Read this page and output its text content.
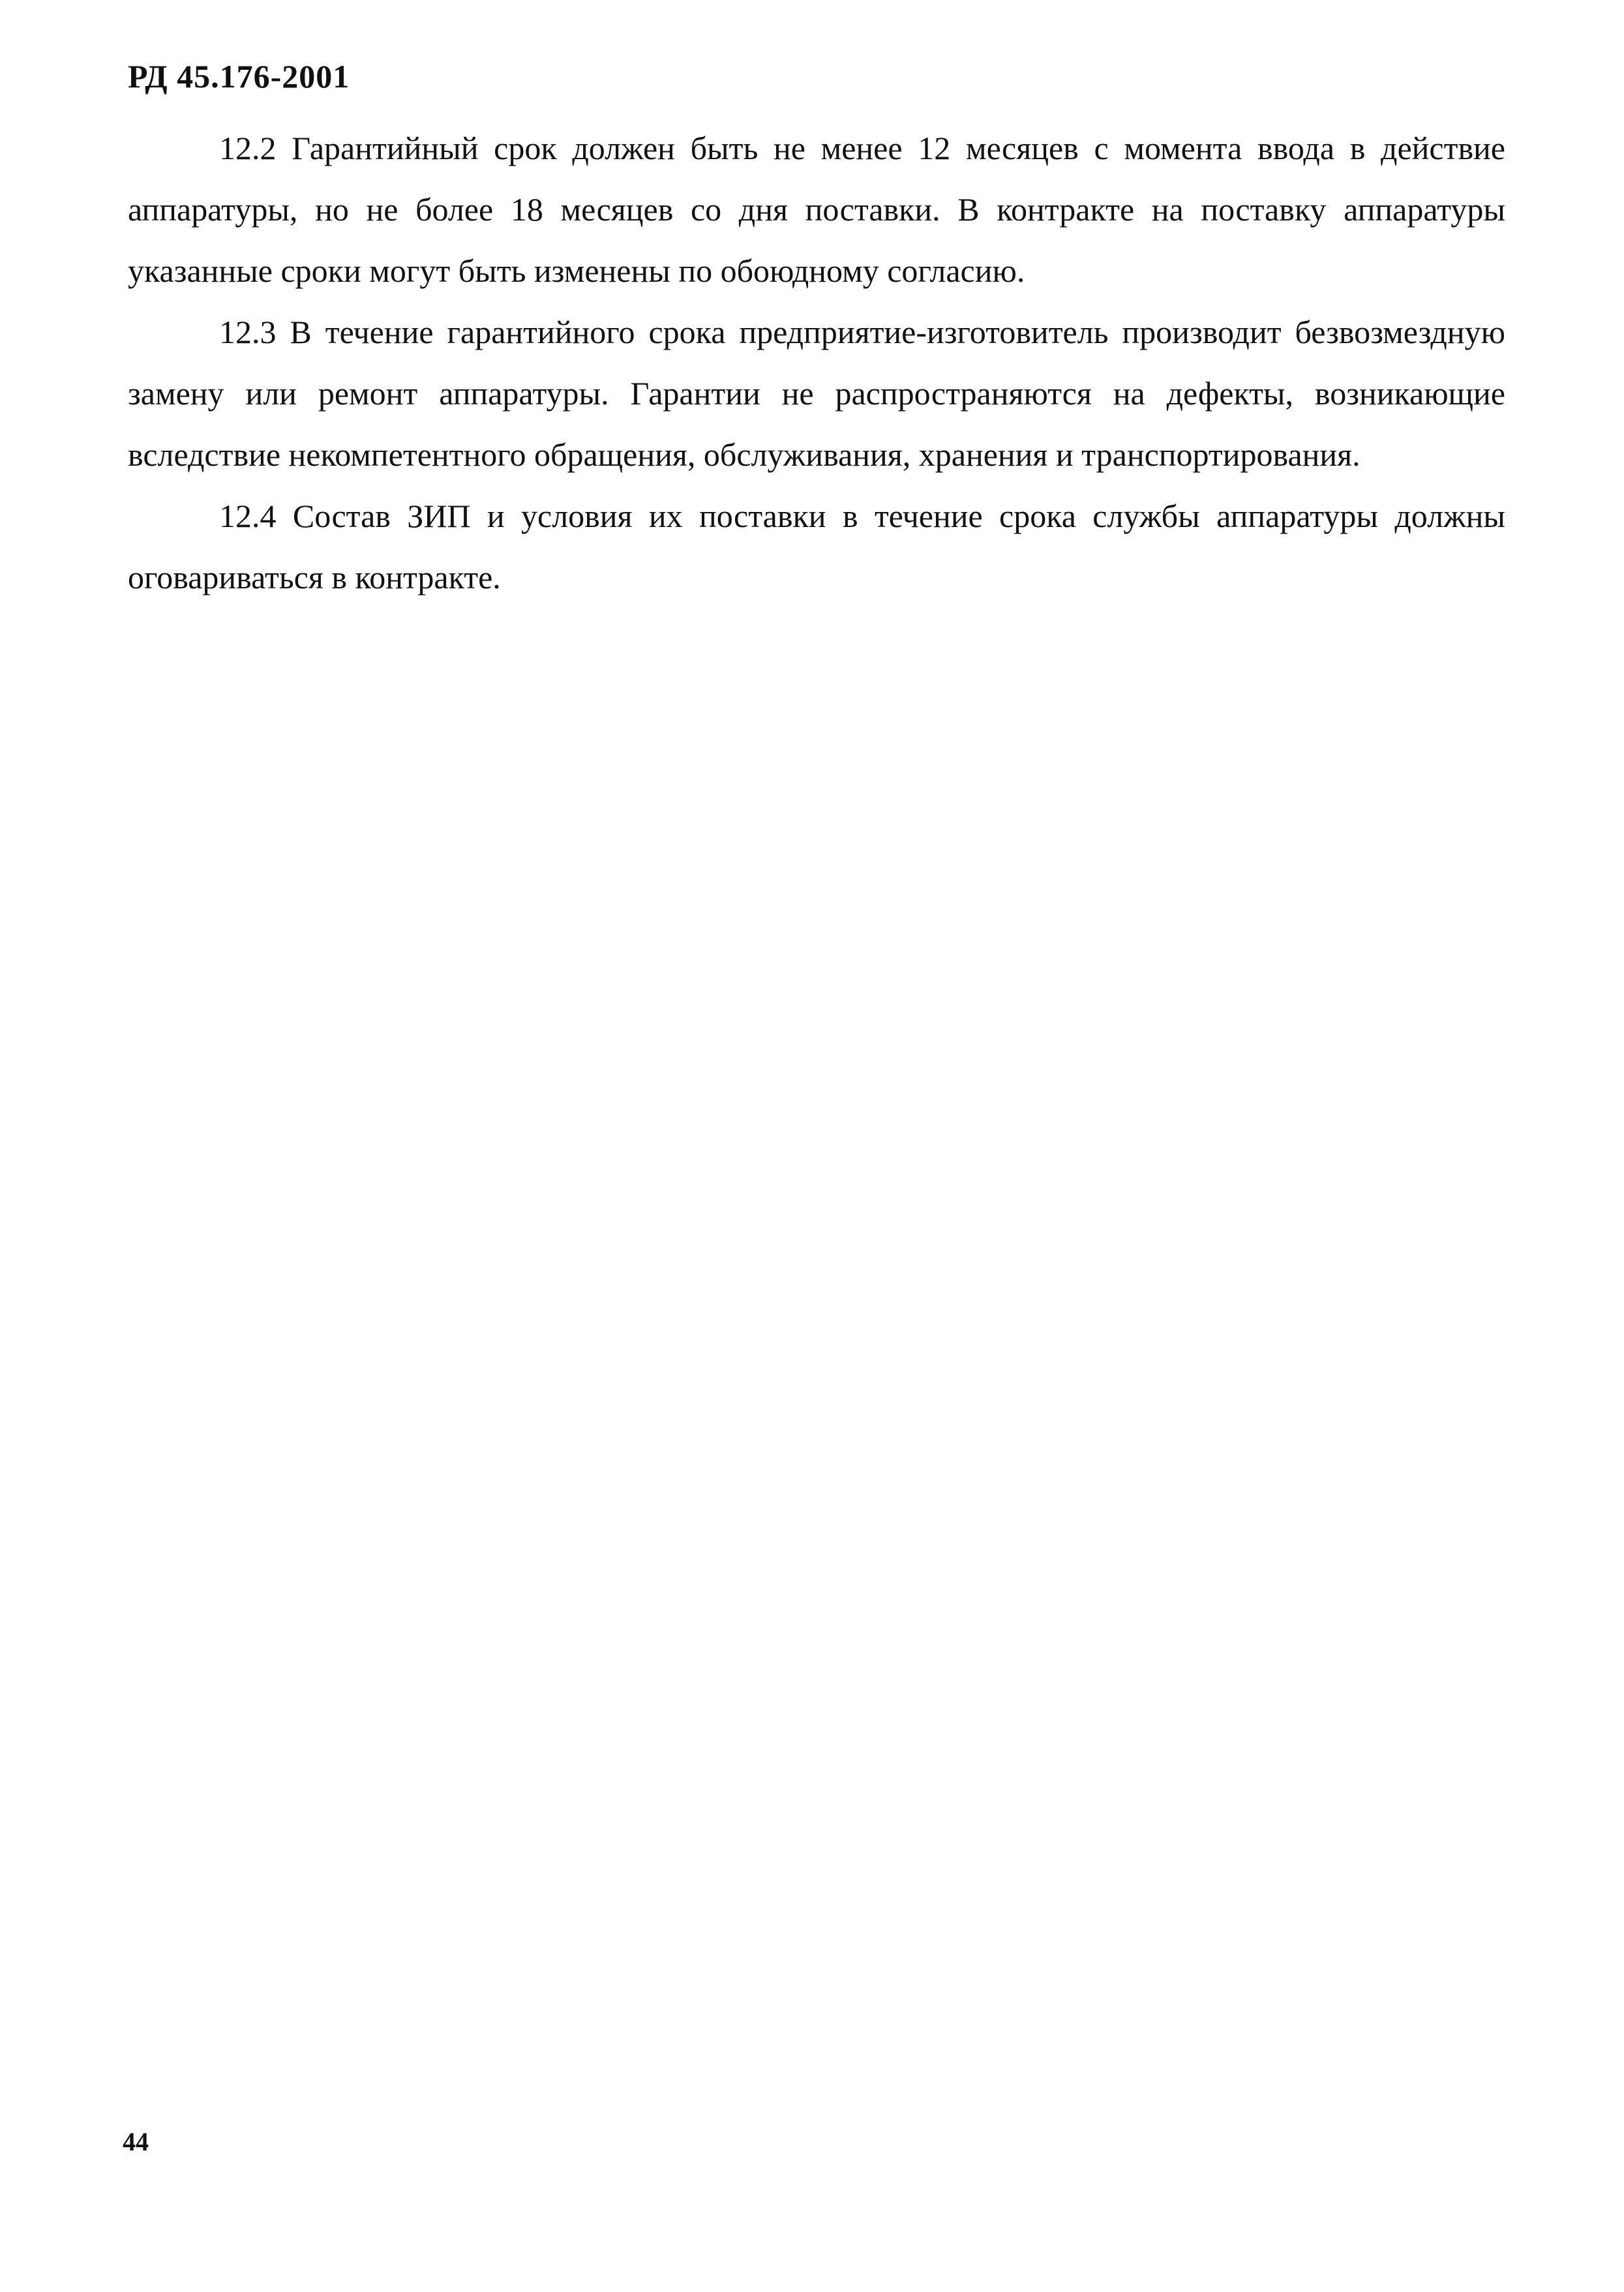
РД 45.176-2001

12.2 Гарантийный срок должен быть не менее 12 месяцев с момента ввода в действие аппаратуры, но не более 18 месяцев со дня поставки. В контракте на поставку аппаратуры указанные сроки могут быть изменены по обоюдному согласию.

12.3 В течение гарантийного срока предприятие-изготовитель производит безвозмездную замену или ремонт аппаратуры. Гарантии не распространяются на дефекты, возникающие вследствие некомпетентного обращения, обслуживания, хранения и транспортирования.

12.4 Состав ЗИП и условия их поставки в течение срока службы аппаратуры должны оговариваться в контракте.

44
